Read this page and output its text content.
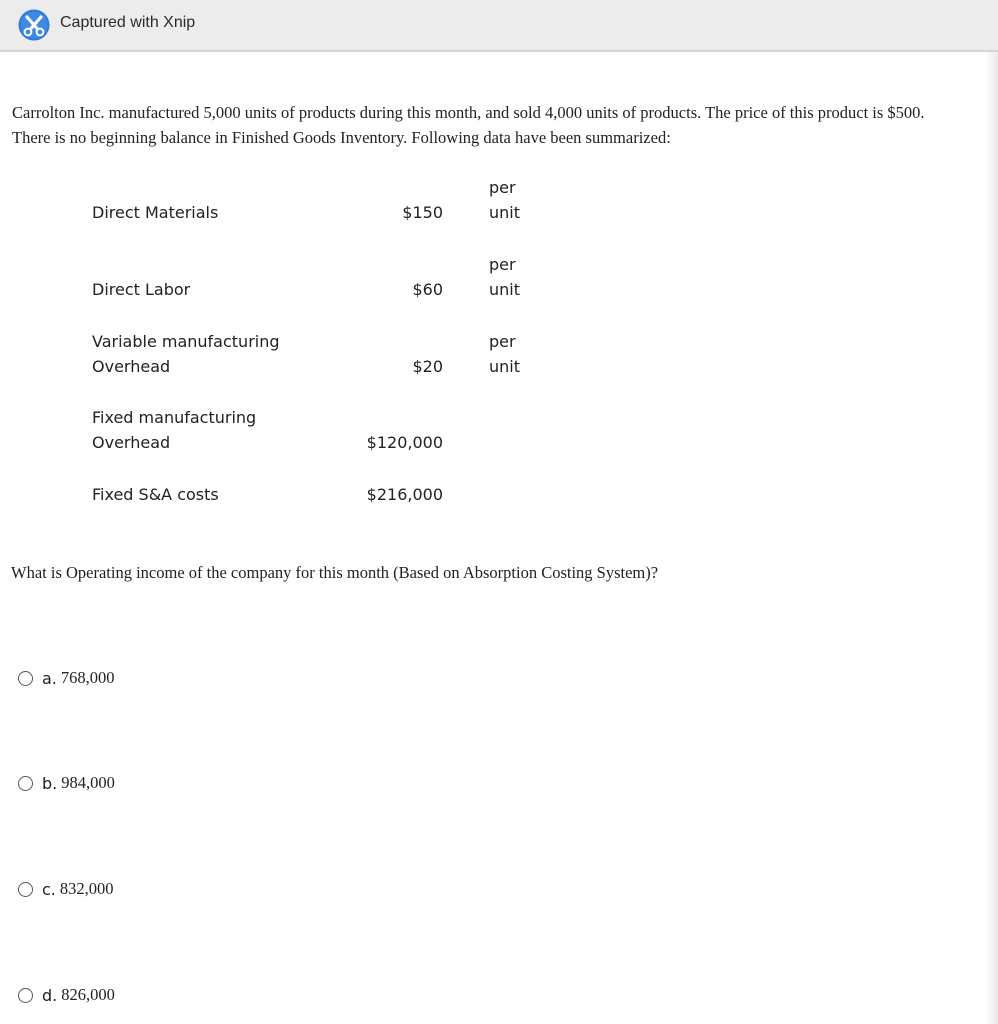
Captured with Xnip

Carrolton Inc. manufactured 5,000 units of products during this month, and sold 4,000 units of products. The price of this product is $500.

There is no beginning balance in Finished Goods Inventory. Following data have been summarized:

Direct Materials	$150
per
unit
Direct Labor	$60
per
unit
Variable manufacturing
Overhead	$20
per
unit
Fixed manufacturing
Overhead	$120,000
Fixed S&A costs	$216,000
What is Operating income of the company for this month (Based on Absorption Costing System)?
a. 768,000
b. 984,000
c. 832,000
d. 826,000
